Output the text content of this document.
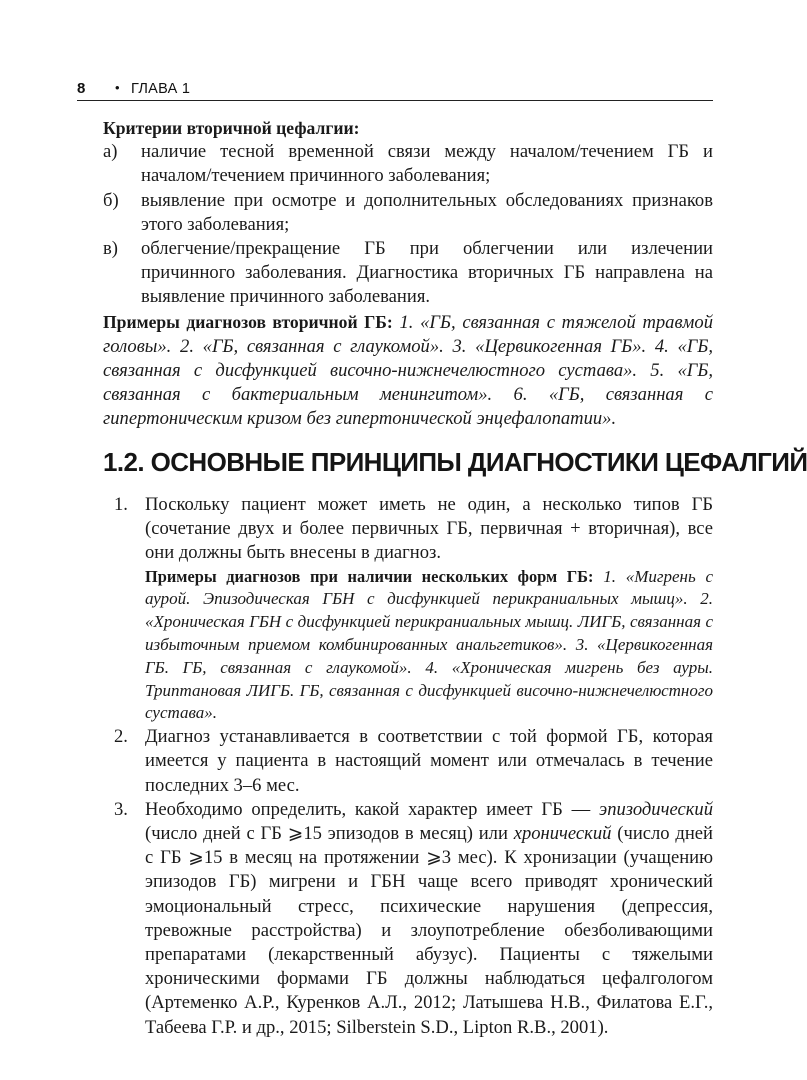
8 • ГЛАВА 1

Критерии вторичной цефалгии:

а) наличие тесной временной связи между началом/течением ГБ и началом/течением причинного заболевания;
б) выявление при осмотре и дополнительных обследованиях признаков этого заболевания;
в) облегчение/прекращение ГБ при облегчении или излечении причинного заболевания. Диагностика вторичных ГБ направлена на выявление причинного заболевания.

Примеры диагнозов вторичной ГБ: 1. «ГБ, связанная с тяжелой травмой головы». 2. «ГБ, связанная с глаукомой». 3. «Цервикогенная ГБ». 4. «ГБ, связанная с дисфункцией височно-нижнечелюстного сустава». 5. «ГБ, связанная с бактериальным менингитом». 6. «ГБ, связанная с гипертоническим кризом без гипертонической энцефалопатии».

1.2. ОСНОВНЫЕ ПРИНЦИПЫ ДИАГНОСТИКИ ЦЕФАЛГИЙ
1. Поскольку пациент может иметь не один, а несколько типов ГБ (сочетание двух и более первичных ГБ, первичная + вторичная), все они должны быть внесены в диагноз.

Примеры диагнозов при наличии нескольких форм ГБ: 1. «Мигрень с аурой. Эпизодическая ГБН с дисфункцией перикраниальных мышц». 2. «Хроническая ГБН с дисфункцией перикраниальных мышц. ЛИГБ, связанная с избыточным приемом комбинированных анальгетиков». 3. «Цервикогенная ГБ. ГБ, связанная с глаукомой». 4. «Хроническая мигрень без ауры. Триптановая ЛИГБ. ГБ, связанная с дисфункцией височно-нижнечелюстного сустава».

2. Диагноз устанавливается в соответствии с той формой ГБ, которая имеется у пациента в настоящий момент или отмечалась в течение последних 3–6 мес.

3. Необходимо определить, какой характер имеет ГБ — эпизодический (число дней с ГБ ⩾15 эпизодов в месяц) или хронический (число дней с ГБ ⩾15 в месяц на протяжении ⩾3 мес). К хронизации (учащению эпизодов ГБ) мигрени и ГБН чаще всего приводят хронический эмоциональный стресс, психические нарушения (депрессия, тревожные расстройства) и злоупотребление обезболивающими препаратами (лекарственный абузус). Пациенты с тяжелыми хроническими формами ГБ должны наблюдаться цефалгологом (Артеменко А.Р., Куренков А.Л., 2012; Латышева Н.В., Филатова Е.Г., Табеева Г.Р. и др., 2015; Silberstein S.D., Lipton R.B., 2001).
